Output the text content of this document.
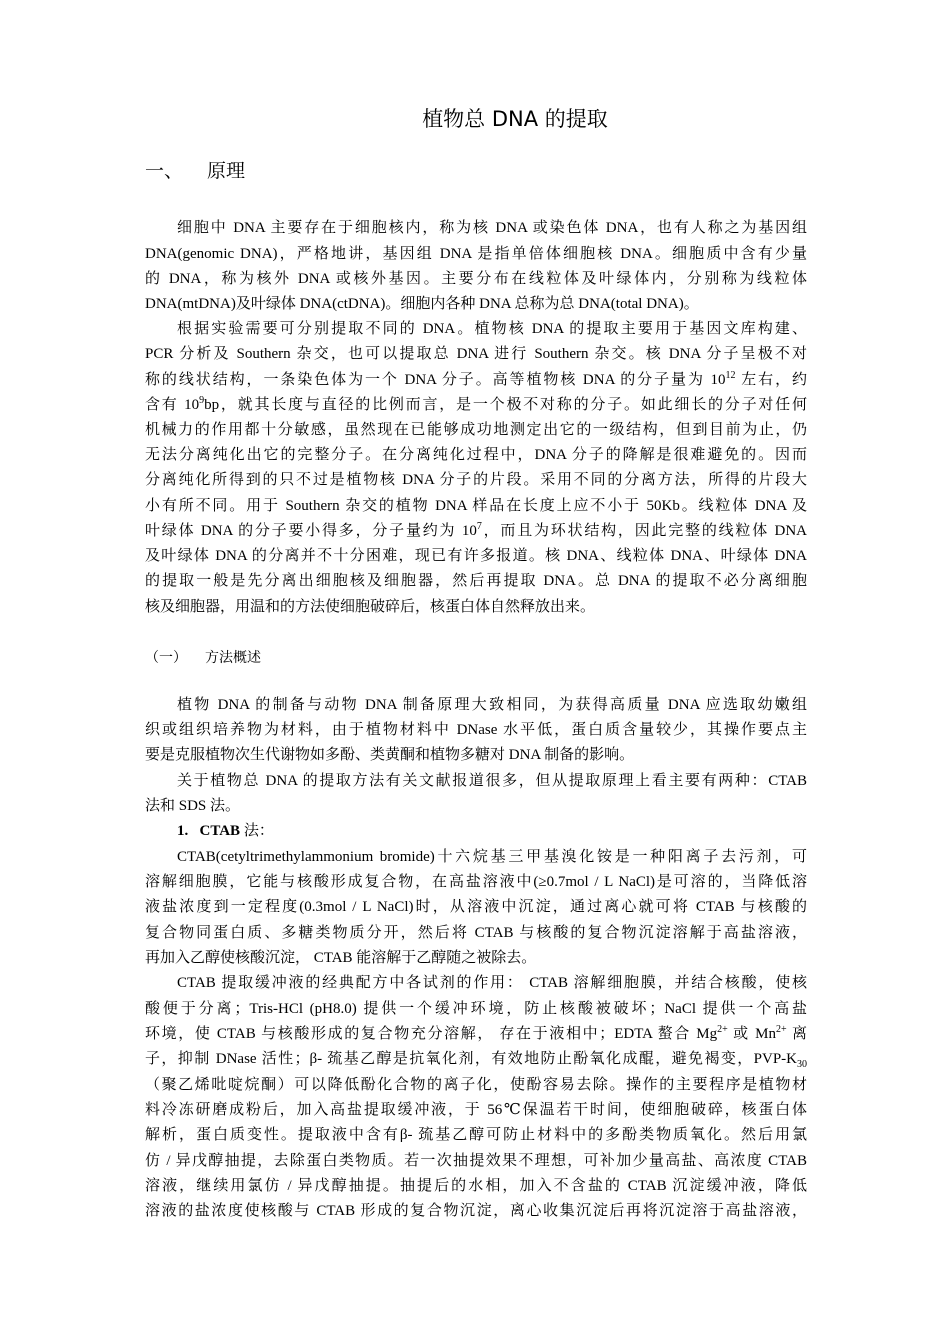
植物总 DNA 的提取
一、 原理
细胞中 DNA 主要存在于细胞核内，称为核 DNA 或染色体 DNA，也有人称之为基因组
DNA(genomic DNA)，严格地讲，基因组 DNA 是指单倍体细胞核 DNA。细胞质中含有少量
的 DNA，称为核外 DNA 或核外基因。主要分布在线粒体及叶绿体内，分别称为线粒体
DNA(mtDNA)及叶绿体 DNA(ctDNA)。细胞内各种 DNA 总称为总 DNA(total DNA)。
根据实验需要可分别提取不同的 DNA。植物核 DNA 的提取主要用于基因文库构建、
PCR 分析及 Southern 杂交，也可以提取总 DNA 进行 Southern 杂交。核 DNA 分子呈极不对
称的线状结构，一条染色体为一个 DNA 分子。高等植物核 DNA 的分子量为 $10^{12}$ 左右，约
含有 $10^9bp$，就其长度与直径的比例而言，是一个极不对称的分子。如此细长的分子对任何
机械力的作用都十分敏感，虽然现在已能够成功地测定出它的一级结构，但到目前为止，仍
无法分离纯化出它的完整分子。在分离纯化过程中，DNA 分子的降解是很难避免的。因而
分离纯化所得到的只不过是植物核 DNA 分子的片段。采用不同的分离方法，所得的片段大
小有所不同。用于 Southern 杂交的植物 DNA 样品在长度上应不小于 50Kb。线粒体 DNA 及
叶绿体 DNA 的分子要小得多，分子量约为 $10^7$，而且为环状结构，因此完整的线粒体 DNA
及叶绿体 DNA 的分离并不十分困难，现已有许多报道。核 DNA、线粒体 DNA、叶绿体 DNA
的提取一般是先分离出细胞核及细胞器，然后再提取 DNA。总 DNA 的提取不必分离细胞
核及细胞器，用温和的方法使细胞破碎后，核蛋白体自然释放出来。
（一） 方法概述
植物 DNA 的制备与动物 DNA 制备原理大致相同，为获得高质量 DNA 应选取幼嫩组
织或组织培养物为材料，由于植物材料中 DNase 水平低，蛋白质含量较少，其操作要点主
要是克服植物次生代谢物如多酚、类黄酮和植物多糖对 DNA 制备的影响。
关于植物总 DNA 的提取方法有关文献报道很多，但从提取原理上看主要有两种：CTAB
法和 SDS 法。
1.   CTAB 法：
CTAB(cetyltrimethylammonium bromide)十六烷基三甲基溴化铵是一种阳离子去污剂，可
溶解细胞膜，它能与核酸形成复合物，在高盐溶液中(≥0.7mol / L NaCl)是可溶的，当降低溶
液盐浓度到一定程度(0.3mol / L NaCl)时，从溶液中沉淀，通过离心就可将 CTAB 与核酸的
复合物同蛋白质、多糖类物质分开，然后将 CTAB 与核酸的复合物沉淀溶解于高盐溶液，
再加入乙醇使核酸沉淀， CTAB 能溶解于乙醇随之被除去。
CTAB 提取缓冲液的经典配方中各试剂的作用： CTAB 溶解细胞膜，并结合核酸，使核
酸便于分离；Tris-HCl (pH8.0) 提供一个缓冲环境，防止核酸被破坏；NaCl 提供一个高盐
环境，使 CTAB 与核酸形成的复合物充分溶解， 存在于液相中；EDTA 螯合 $Mg^{2+}$ 或 $Mn^{2+}$ 离
子，抑制 DNase 活性；β- 巯基乙醇是抗氧化剂，有效地防止酚氧化成醌，避免褐变，PVP-$K_{30}$
（聚乙烯吡啶烷酮）可以降低酚化合物的离子化，使酚容易去除。操作的主要程序是植物材
料冷冻研磨成粉后，加入高盐提取缓冲液，于 56℃保温若干时间，使细胞破碎，核蛋白体
解析，蛋白质变性。提取液中含有β- 巯基乙醇可防止材料中的多酚类物质氧化。然后用氯
仿 / 异戊醇抽提，去除蛋白类物质。若一次抽提效果不理想，可补加少量高盐、高浓度 CTAB
溶液，继续用氯仿 / 异戊醇抽提。抽提后的水相，加入不含盐的 CTAB 沉淀缓冲液，降低
溶液的盐浓度使核酸与 CTAB 形成的复合物沉淀，离心收集沉淀后再将沉淀溶于高盐溶液，
